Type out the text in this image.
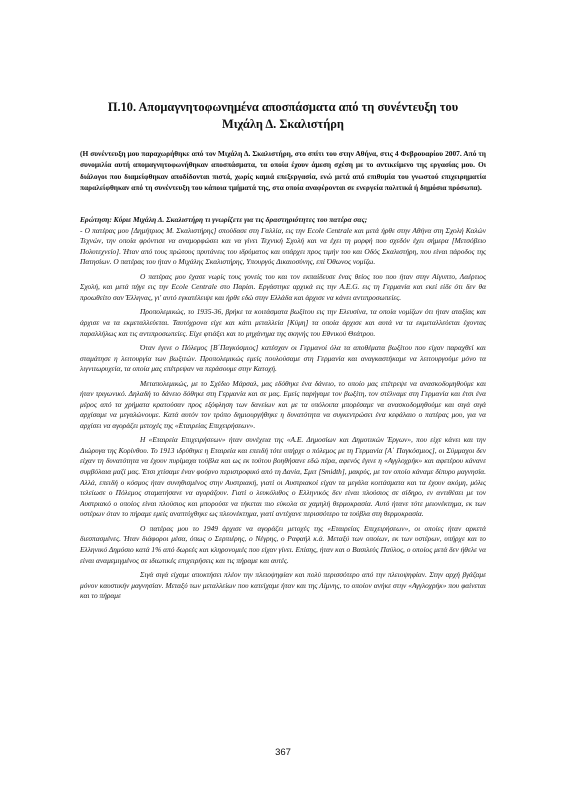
Π.10. Απομαγνητοφωνημένα αποσπάσματα από τη συνέντευξη του
Μιχάλη Δ. Σκαλιστήρη
(Η συνέντευξη μου παραχωρήθηκε από τον Μιχάλη Δ. Σκαλιστήρη, στο σπίτι του στην Αθήνα, στις 4 Φεβρουαρίου 2007. Από τη συνομιλία αυτή απομαγνητοφωνήθηκαν αποσπάσματα, τα οποία έχουν άμεση σχέση με το αντικείμενο της εργασίας μου. Οι διάλογοι που διαμείφθηκαν αποδίδονται πιστά, χωρίς καμιά επεξεργασία, ενώ μετά από επιθυμία του γνωστού επιχειρηματία παραλείφθηκαν από τη συνέντευξη του κάποια τμήματά της, στα οποία αναφέρονται σε ενεργεία πολιτικά ή δημόσια πρόσωπα).

Ερώτηση: Κύριε Μιχάλη Δ. Σκαλιστήρη τι γνωρίζετε για τις δραστηριότητες του πατέρα σας;

- Ο πατέρας μου [Δημήτριος Μ. Σκαλιστήρης] σπούδασε στη Γαλλία, εις την Ecole Centrale και μετά ήρθε στην Αθήνα στη Σχολή Καλών Τεχνών, την οποία φρόντισε να αναμορφώσει και να γίνει Τεχνική Σχολή και να έχει τη μορφή που σχεδόν έχει σήμερα [Μετσόβειο Πολυτεχνείο]. Ήταν από τους πρώτους πρυτάνεις του ιδρύματος και υπάρχει προς τιμήν του και Οδός Σκαλιστήρη, που είναι πάροδος της Πατησίων. Ο πατέρας του ήταν ο Μιχάλης Σκαλιστήρης, Υπουργός Δικαιοσύνης, επί Όθωνος νομίζω.

Ο πατέρας μου έχασε νωρίς τους γονείς του και τον εκπαίδευσε ένας θείος του που ήταν στην Αίγυπτο, Λαέρτιος Σχολή, και μετά πήγε εις την Ecole Centrale στο Παρίσι. Εργάστηκε αρχικά εις την A.E.G. εις τη Γερμανία και εκεί είδε ότι δεν θα προωθείτο σαν Έλληνας, γι' αυτό εγκατέλειψε και ήρθε εδώ στην Ελλάδα και άρχισε να κάνει αντιπροσωπείες.

Προπολεμικώς, το 1935-36, βρήκε τα κοιτάσματα βωξίτου εις την Ελευσίνα, τα οποία νομίζων ότι ήταν αταξίας και άρχισε να τα εκμεταλλεύεται. Ταυτόχρονα είχε και κάπι μεταλλεία [Κύμη] τα οποία άρχισε και αυτά να τα εκμεταλλεύεται έχοντας παραλλήλως και τις αντιπροσωπείες. Είχε φτιάξει και το μηχάνημα της σκηνής του Εθνικού Θεάτρου.

Όταν έγινε ο Πόλεμος [Β΄Παγκόσμιος] κατέσχαν οι Γερμανοί όλα τα αποθέματα βωξίτου που είχαν παραχθεί και σταμάτησε η λειτουργία των βωξιτών. Προπολεμικώς εμείς πουλούσαμε στη Γερμανία και αναγκαστήκαμε να λειτουργούμε μόνο τα λιγνιτωρυχεία, τα οποία μας επέτρεψαν να περάσουμε στην Κατοχή.

Μεταπολεμικώς, με το Σχέδιο Μάρσαλ, μας εδόθηκε ένα δάνειο, το οποίο μας επέτρεψε να ανασκοδομηθούμε και ήταν τριγωνικό. Δηλαδή το δάνειο δόθηκε στη Γερμανία και σε μας. Εμείς παρήγαμε τον βωξίτη, τον στέλναμε στη Γερμανία και έτσι ένα μέρος από τα χρήματα κρατούσαν προς εξόφληση των δανείων και με τα υπόλοιπα μπορέσαμε να ανασκοδομηθούμε και σιγά σιγά αρχίσαμε να μεγαλώνουμε. Κατά αυτόν τον τρόπο δημιουργήθηκε η δυνατότητα να συγκεντρώσει ένα κεφάλαιο ο πατέρας μου, για να αρχίσει να αγοράζει μετοχές της «Εταιρείας Επιχειρήσεων».

Η «Εταιρεία Επιχειρήσεων» ήταν συνέχεια της «Α.Ε. Δημοσίων και Δημοτικών Έργων», που είχε κάνει και την Διώρυγα της Κορίνθου. Το 1913 ιδρύθηκε η Εταιρεία και επειδή τότε υπήρχε ο πόλεμος με τη Γερμανία [Α΄ Παγκόσμιος], οι Σύμμαχοι δεν είχαν τη δυνατότητα να έχουν πυρίμαχα τούβλα και ως εκ τούτου βοηθήσανε εδώ πέρα, αφενός έγινε η «Αγγλοχρήκ» και αφετέρου κάνανε συμβόλαια μαζί μας. Έτσι χτίσαμε έναν φούρνο περιστροφικό από τη Δανία, Σμιτ [Smidth], μακρύς, με τον οποίο κάναμε δίπυρο μαγνησία. Αλλά, επειδή ο κόσμος ήταν συνηθισμένος στην Αυστριακή, γιατί οι Αυστριακοί είχαν τα μεγάλα κοιτάσματα και τα έχουν ακόμη, μόλις τελείωσε ο Πόλεμος σταματήσανε να αγοράζουν. Γιατί ο λευκόλιθος ο Ελληνικός δεν είναι πλούσιος σε σίδηρο, εν αντιθέσει με τον Αυστριακό ο οποίος είναι πλούσιος και μπορούσε να τήκεται πιο εύκολα σε χαμηλή θερμοκρασία. Αυτό ήτανε τότε μειονέκτημα, εκ των υστέρων όταν το πήραμε εμείς αναπτύχθηκε ως πλεονέκτημα, γιατί αντέχανε περισσότερο τα τούβλα στη θερμοκρασία.

Ο πατέρας μου το 1949 άρχισε να αγοράζει μετοχές της «Εταιρείας Επιχειρήσεων», οι οποίες ήταν αρκετά διεσπασμένες. Ήταν διάφοροι μέσα, όπως ο Σερπιέρης, ο Νέγρης, ο Ραφαήλ κ.ά. Μεταξύ των οποίων, εκ των υστέρων, υπήρχε και το Ελληνικό Δημόσιο κατά 1% από δωρεές και κληρονομιές που είχαν γίνει. Επίσης, ήταν και ο Βασιλεύς Παύλος, ο οποίος μετά δεν ήθελε να είναι αναμεμιγμένος σε ιδιωτικές επιχειρήσεις και τις πήραμε και αυτές.

Σιγά σιγά είχαμε αποκτήσει πλέον την πλειοψηφίαν και πολύ περισσότερο από την πλειοψηφίαν. Στην αρχή βγάζαμε μόνον καυστικήν μαγνησίαν. Μεταξύ των μεταλλείων που κατείχαμε ήταν και της Λίμνης, το οποίον ανήκε στην «Αγγλοχρήκ» που φαίνεται και το πήραμε

367
